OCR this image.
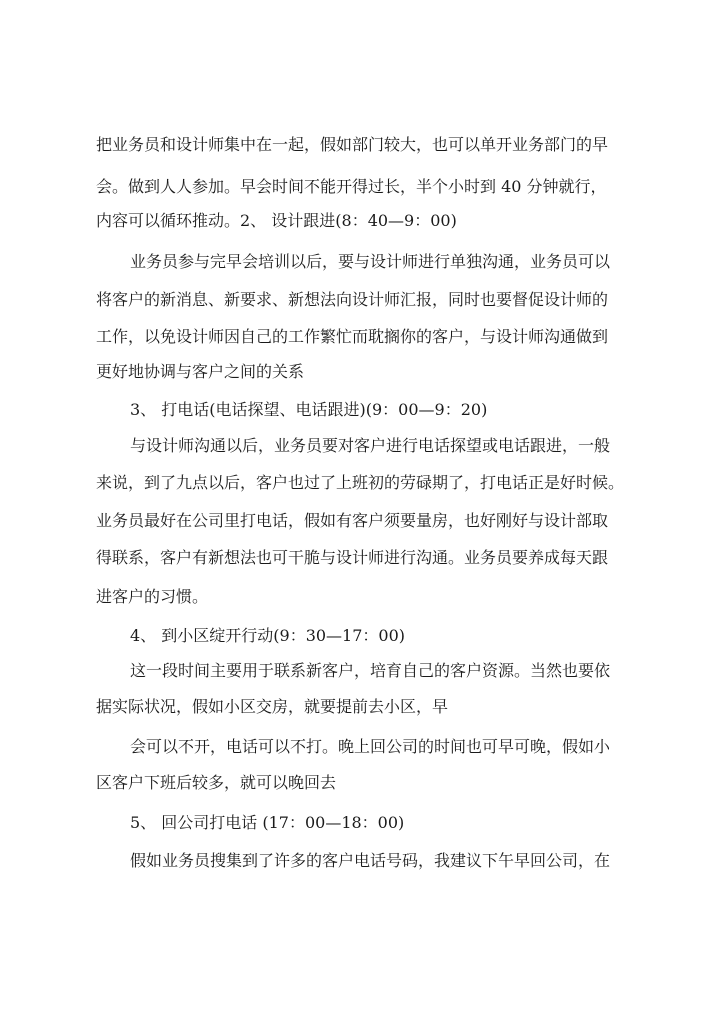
把业务员和设计师集中在一起，假如部门较大，也可以单开业务部门的早
会。做到人人参加。早会时间不能开得过长，半个小时到 40 分钟就行，
内容可以循环推动。2、 设计跟进(8：40—9：00)
业务员参与完早会培训以后，要与设计师进行单独沟通，业务员可以
将客户的新消息、新要求、新想法向设计师汇报，同时也要督促设计师的
工作，以免设计师因自己的工作繁忙而耽搁你的客户，与设计师沟通做到
更好地协调与客户之间的关系
3、 打电话(电话探望、电话跟进)(9：00—9：20)
与设计师沟通以后，业务员要对客户进行电话探望或电话跟进，一般
来说，到了九点以后，客户也过了上班初的劳碌期了，打电话正是好时候。
业务员最好在公司里打电话，假如有客户须要量房，也好刚好与设计部取
得联系，客户有新想法也可干脆与设计师进行沟通。业务员要养成每天跟
进客户的习惯。
4、 到小区绽开行动(9：30—17：00)
这一段时间主要用于联系新客户，培育自己的客户资源。当然也要依
据实际状况，假如小区交房，就要提前去小区，早
会可以不开，电话可以不打。晚上回公司的时间也可早可晚，假如小
区客户下班后较多，就可以晚回去
5、 回公司打电话 (17：00—18：00)
假如业务员搜集到了许多的客户电话号码，我建议下午早回公司，在
